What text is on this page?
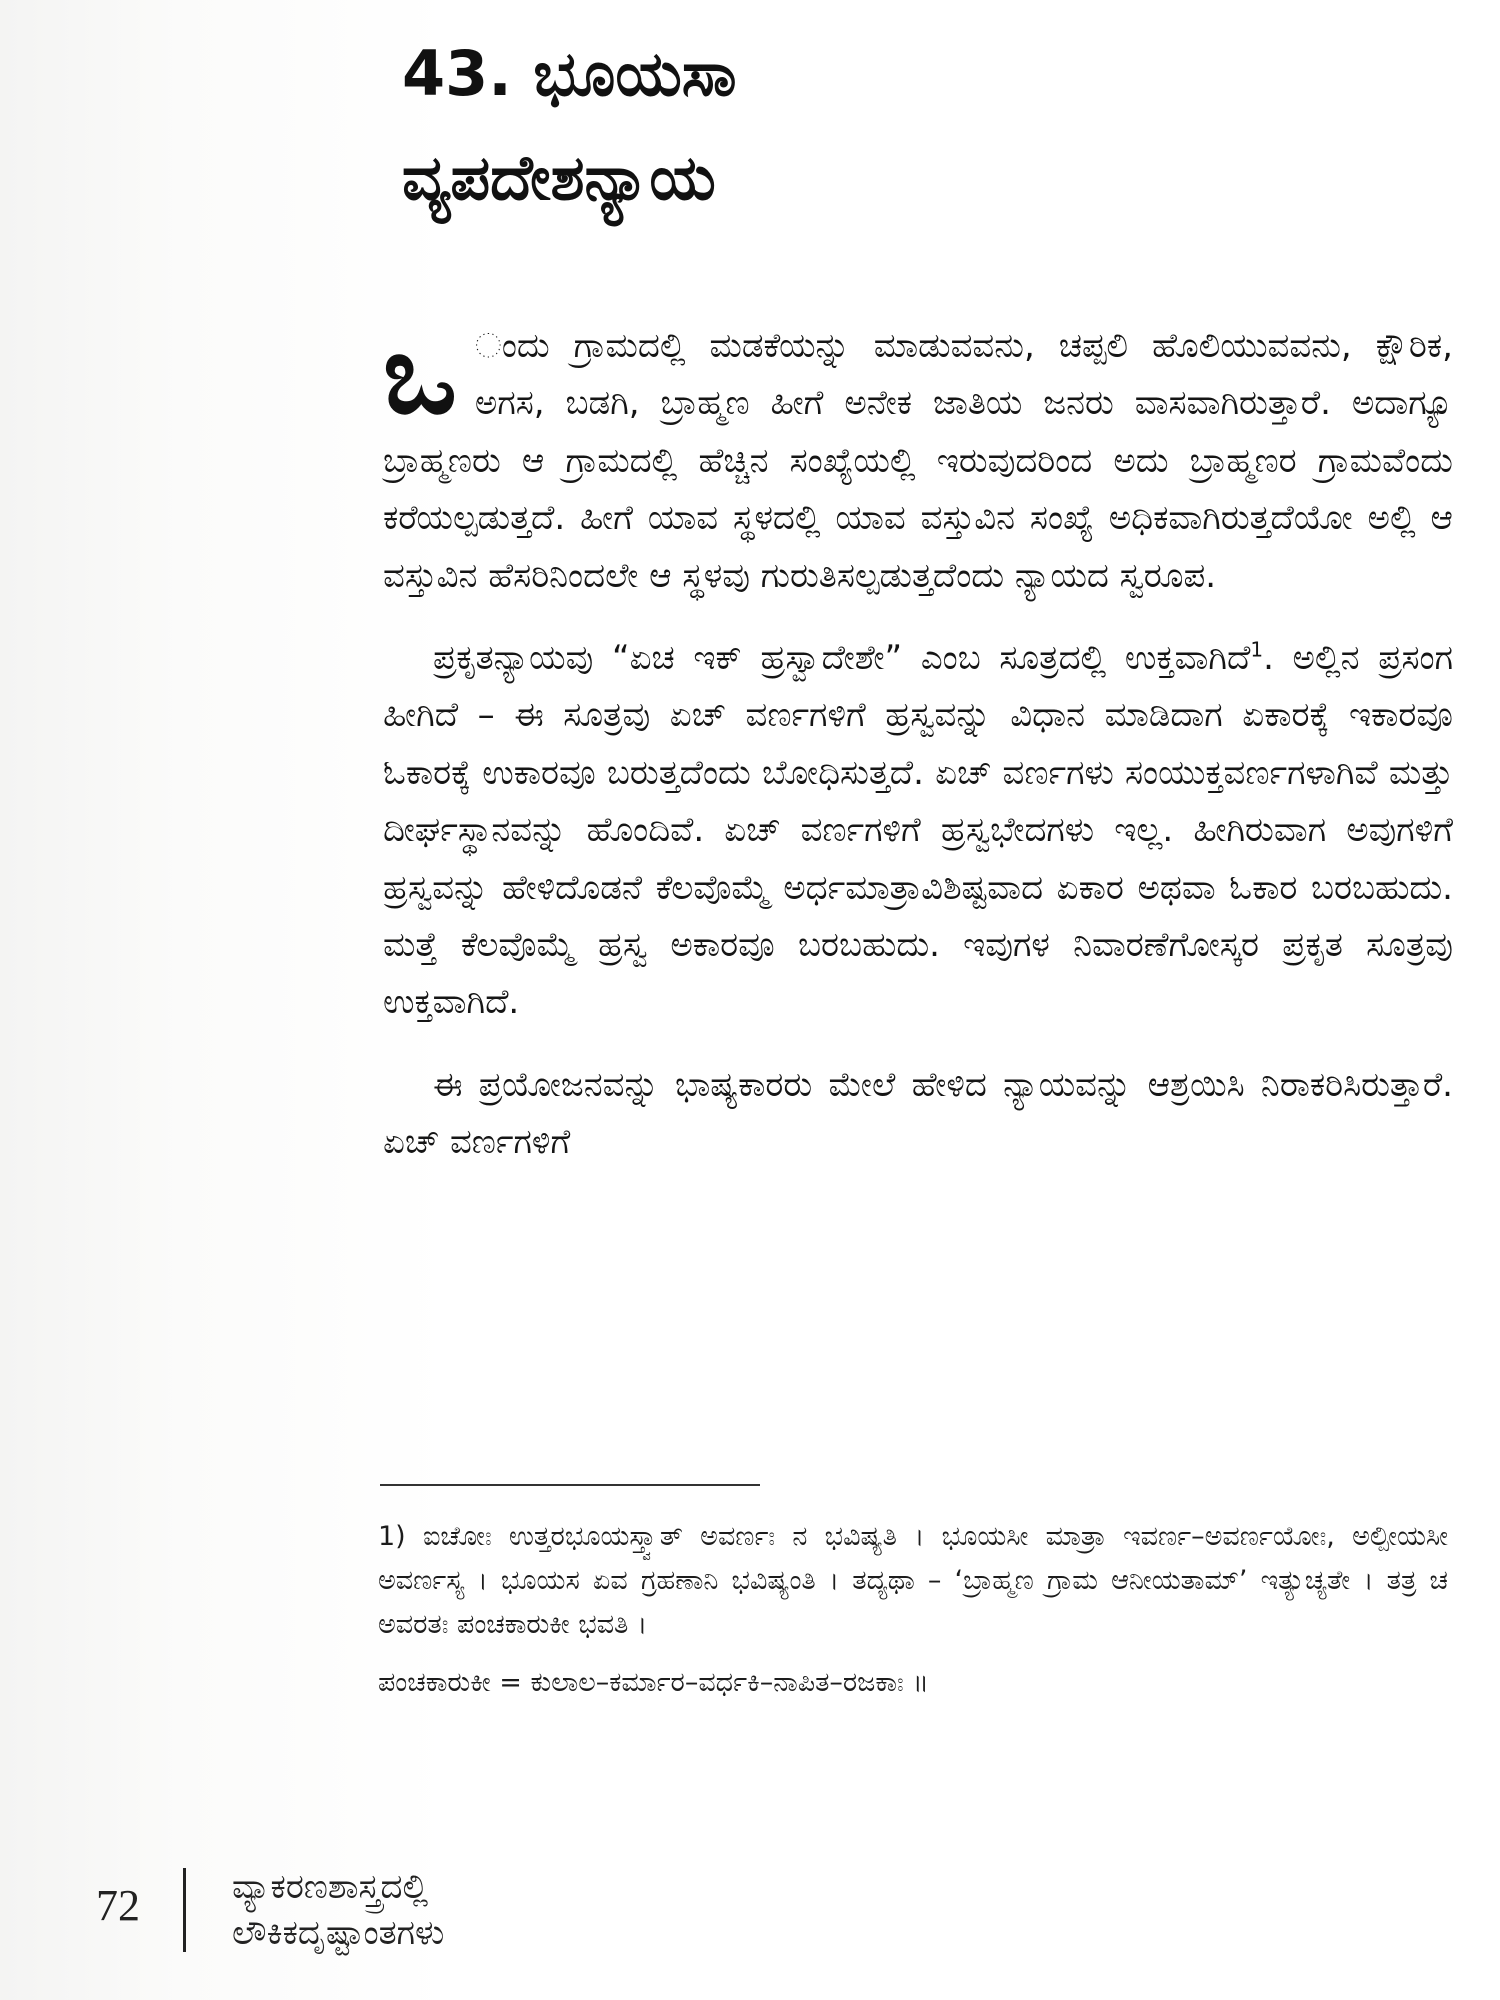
43. ಭೂಯಸಾ
ವ್ಯಪದೇಶನ್ಯಾಯ

ಒ ಂದು ಗ್ರಾಮದಲ್ಲಿ ಮಡಕೆಯನ್ನು ಮಾಡುವವನು, ಚಪ್ಪಲಿ ಹೊಲಿಯುವವನು, ಕ್ಷೌರಿಕ, ಅಗಸ, ಬಡಗಿ, ಬ್ರಾಹ್ಮಣ ಹೀಗೆ ಅನೇಕ ಜಾತಿಯ ಜನರು ವಾಸವಾಗಿರುತ್ತಾರೆ. ಅದಾಗ್ಯೂ ಬ್ರಾಹ್ಮಣರು ಆ ಗ್ರಾಮದಲ್ಲಿ ಹೆಚ್ಚಿನ ಸಂಖ್ಯೆಯಲ್ಲಿ ಇರುವುದರಿಂದ ಅದು ಬ್ರಾಹ್ಮಣರ ಗ್ರಾಮವೆಂದು ಕರೆಯಲ್ಪಡುತ್ತದೆ. ಹೀಗೆ ಯಾವ ಸ್ಥಳದಲ್ಲಿ ಯಾವ ವಸ್ತುವಿನ ಸಂಖ್ಯೆ ಅಧಿಕವಾಗಿರುತ್ತದೆಯೋ ಅಲ್ಲಿ ಆ ವಸ್ತುವಿನ ಹೆಸರಿನಿಂದಲೇ ಆ ಸ್ಥಳವು ಗುರುತಿಸಲ್ಪಡುತ್ತದೆಂದು ನ್ಯಾಯದ ಸ್ವರೂಪ.

ಪ್ರಕೃತನ್ಯಾಯವು “ಏಚ ಇಕ್ ಹ್ರಸ್ವಾದೇಶೇ” ಎಂಬ ಸೂತ್ರದಲ್ಲಿ ಉಕ್ತವಾಗಿದೆ$^1$. ಅಲ್ಲಿನ ಪ್ರಸಂಗ ಹೀಗಿದೆ – ಈ ಸೂತ್ರವು ಏಚ್ ವರ್ಣಗಳಿಗೆ ಹ್ರಸ್ವವನ್ನು ವಿಧಾನ ಮಾಡಿದಾಗ ಏಕಾರಕ್ಕೆ ಇಕಾರವೂ ಓಕಾರಕ್ಕೆ ಉಕಾರವೂ ಬರುತ್ತದೆಂದು ಬೋಧಿಸುತ್ತದೆ. ಏಚ್ ವರ್ಣಗಳು ಸಂಯುಕ್ತವರ್ಣಗಳಾಗಿವೆ ಮತ್ತು ದೀರ್ಘಸ್ಥಾನವನ್ನು ಹೊಂದಿವೆ. ಏಚ್ ವರ್ಣಗಳಿಗೆ ಹ್ರಸ್ವಭೇದಗಳು ಇಲ್ಲ. ಹೀಗಿರುವಾಗ ಅವುಗಳಿಗೆ ಹ್ರಸ್ವವನ್ನು ಹೇಳಿದೊಡನೆ ಕೆಲವೊಮ್ಮೆ ಅರ್ಧಮಾತ್ರಾವಿಶಿಷ್ಟವಾದ ಏಕಾರ ಅಥವಾ ಓಕಾರ ಬರಬಹುದು. ಮತ್ತೆ ಕೆಲವೊಮ್ಮೆ ಹ್ರಸ್ವ ಅಕಾರವೂ ಬರಬಹುದು. ಇವುಗಳ ನಿವಾರಣೆಗೋಸ್ಕರ ಪ್ರಕೃತ ಸೂತ್ರವು ಉಕ್ತವಾಗಿದೆ.

ಈ ಪ್ರಯೋಜನವನ್ನು ಭಾಷ್ಯಕಾರರು ಮೇಲೆ ಹೇಳಿದ ನ್ಯಾಯವನ್ನು ಆಶ್ರಯಿಸಿ ನಿರಾಕರಿಸಿರುತ್ತಾರೆ. ಏಚ್ ವರ್ಣಗಳಿಗೆ

1) ಐಚೋಃ ಉತ್ತರಭೂಯಸ್ತ್ವಾತ್ ಅವರ್ಣಃ ನ ಭವಿಷ್ಯತಿ । ಭೂಯಸೀ ಮಾತ್ರಾ ಇವರ್ಣ–ಅವರ್ಣಯೋಃ, ಅಲ್ಪೀಯಸೀ ಅವರ್ಣಸ್ಯ । ಭೂಯಸ ಏವ ಗ್ರಹಣಾನಿ ಭವಿಷ್ಯಂತಿ । ತದ್ಯಥಾ – ‘ಬ್ರಾಹ್ಮಣ ಗ್ರಾಮ ಆನೀಯತಾಮ್’ ಇತ್ಯುಚ್ಯತೇ । ತತ್ರ ಚ ಅವರತಃ ಪಂಚಕಾರುಕೀ ಭವತಿ ।

ಪಂಚಕಾರುಕೀ = ಕುಲಾಲ–ಕರ್ಮಾರ–ವರ್ಧಕಿ–ನಾಪಿತ–ರಜಕಾಃ ॥

72	ವ್ಯಾಕರಣಶಾಸ್ತ್ರದಲ್ಲಿ
ಲೌಕಿಕದೃಷ್ಟಾಂತಗಳು
